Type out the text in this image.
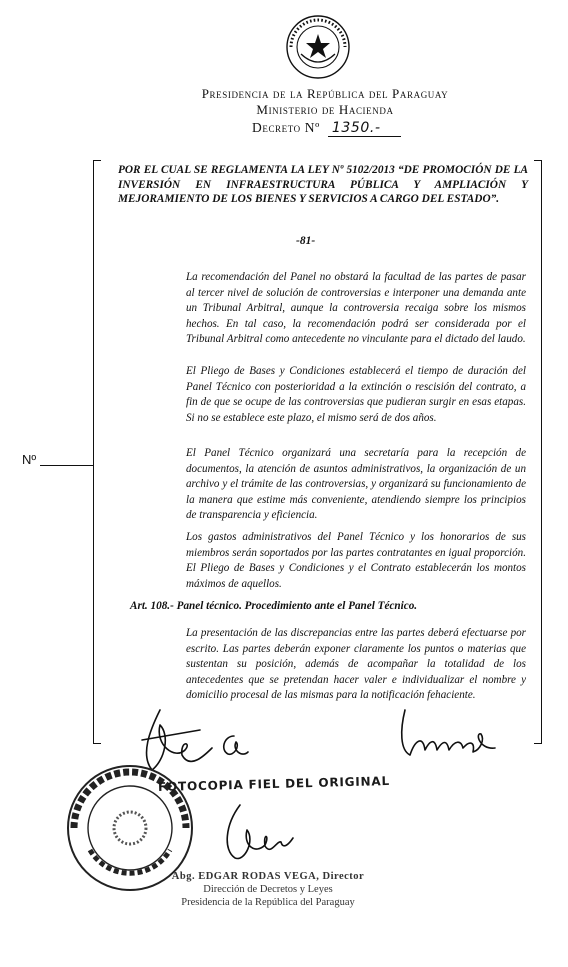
Presidencia de la República del Paraguay
Ministerio de Hacienda
Decreto Nº 1350.-
Nº
POR EL CUAL SE REGLAMENTA LA LEY Nº 5102/2013 “DE PROMOCIÓN DE LA INVERSIÓN EN INFRAESTRUCTURA PÚBLICA Y AMPLIACIÓN Y MEJORAMIENTO DE LOS BIENES Y SERVICIOS A CARGO DEL ESTADO”.
-81-
La recomendación del Panel no obstará la facultad de las partes de pasar al tercer nivel de solución de controversias e interponer una demanda ante un Tribunal Arbitral, aunque la controversia recaiga sobre los mismos hechos. En tal caso, la recomendación podrá ser considerada por el Tribunal Arbitral como antecedente no vinculante para el dictado del laudo.
El Pliego de Bases y Condiciones establecerá el tiempo de duración del Panel Técnico con posterioridad a la extinción o rescisión del contrato, a fin de que se ocupe de las controversias que pudieran surgir en esas etapas. Si no se establece este plazo, el mismo será de dos años.
El Panel Técnico organizará una secretaría para la recepción de documentos, la atención de asuntos administrativos, la organización de un archivo y el trámite de las controversias, y organizará su funcionamiento de la manera que estime más conveniente, atendiendo siempre los principios de transparencia y eficiencia.
Los gastos administrativos del Panel Técnico y los honorarios de sus miembros serán soportados por las partes contratantes en igual proporción. El Pliego de Bases y Condiciones y el Contrato establecerán los montos máximos de aquellos.
Art. 108.- Panel técnico. Procedimiento ante el Panel Técnico.
La presentación de las discrepancias entre las partes deberá efectuarse por escrito. Las partes deberán exponer claramente los puntos o materias que sustentan su posición, además de acompañar la totalidad de los antecedentes que se pretendan hacer valer e individualizar el nombre y domicilio procesal de las mismas para la notificación fehaciente.
FOTOCOPIA FIEL DEL ORIGINAL
Abg. EDGAR RODAS VEGA, Director
Dirección de Decretos y Leyes
Presidencia de la República del Paraguay
